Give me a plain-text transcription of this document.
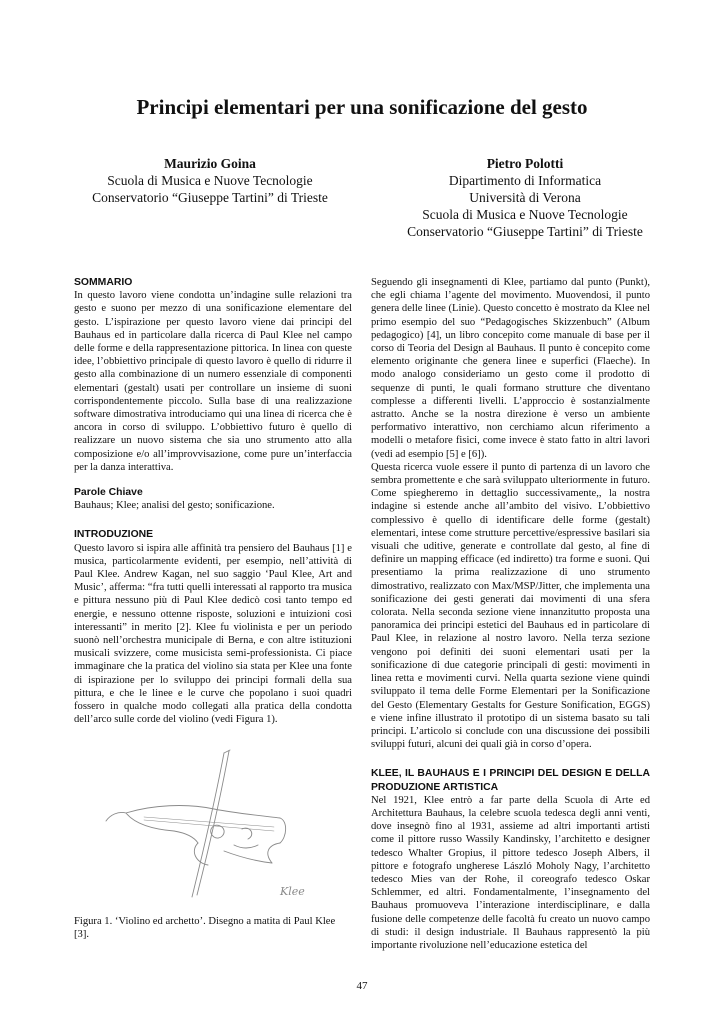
Principi elementari per una sonificazione del gesto
Maurizio Goina
Scuola di Musica e Nuove Tecnologie
Conservatorio “Giuseppe Tartini” di Trieste
Pietro Polotti
Dipartimento di Informatica
Università di Verona
Scuola di Musica e Nuove Tecnologie
Conservatorio “Giuseppe Tartini” di Trieste

SOMMARIO

In questo lavoro viene condotta un’indagine sulle relazioni tra gesto e suono per mezzo di una sonificazione elementare del gesto. L’ispirazione per questo lavoro viene dai principi del Bauhaus ed in particolare dalla ricerca di Paul Klee nel campo delle forme e della rappresentazione pittorica. In linea con queste idee, l’obbiettivo principale di questo lavoro è quello di ridurre il gesto alla combinazione di un numero essenziale di componenti elementari (gestalt) usati per controllare un insieme di suoni corrispondentemente piccolo. Sulla base di una realizzazione software dimostrativa introduciamo qui una linea di ricerca che è ancora in corso di sviluppo. L’obbiettivo futuro è quello di realizzare un nuovo sistema che sia uno strumento atto alla composizione e/o all’improvvisazione, come pure un’interfaccia per la danza interattiva.

Parole Chiave

Bauhaus; Klee; analisi del gesto; sonificazione.

INTRODUZIONE

Questo lavoro si ispira alle affinità tra pensiero del Bauhaus [1] e musica, particolarmente evidenti, per esempio, nell’attività di Paul Klee. Andrew Kagan, nel suo saggio ‘Paul Klee, Art and Music’, afferma: “fra tutti quelli interessati al rapporto tra musica e pittura nessuno più di Paul Klee dedicò così tanto tempo ed energie, e nessuno ottenne risposte, soluzioni e intuizioni così interessanti” in merito [2]. Klee fu violinista e per un periodo suonò nell’orchestra municipale di Berna, e con altre istituzioni musicali svizzere, come musicista semi-professionista. Ci piace immaginare che la pratica del violino sia stata per Klee una fonte di ispirazione per lo sviluppo dei principi formali della sua pittura, e che le linee e le curve che popolano i suoi quadri fossero in qualche modo collegati alla pratica della condotta dell’arco sulle corde del violino (vedi Figura 1).

Klee

Figura 1. ‘Violino ed archetto’. Disegno a matita di Paul Klee [3].

Seguendo gli insegnamenti di Klee, partiamo dal punto (Punkt), che egli chiama l’agente del movimento. Muovendosi, il punto genera delle linee (Linie). Questo concetto è mostrato da Klee nel primo esempio del suo “Pedagogisches Skizzenbuch” (Album pedagogico) [4], un libro concepito come manuale di base per il corso di Teoria del Design al Bauhaus. Il punto è concepito come elemento originante che genera linee e superfici (Flaeche). In modo analogo consideriamo un gesto come il prodotto di sequenze di punti, le quali formano strutture che diventano complesse a differenti livelli. L’approccio è sostanzialmente astratto. Anche se la nostra direzione è verso un ambiente performativo interattivo, non cerchiamo alcun riferimento a modelli o metafore fisici, come invece è stato fatto in altri lavori (vedi ad esempio [5] e [6]).

Questa ricerca vuole essere il punto di partenza di un lavoro che sembra promettente e che sarà sviluppato ulteriormente in futuro. Come spiegheremo in dettaglio successivamente,, la nostra indagine si estende anche all’ambito del visivo. L’obbiettivo complessivo è quello di identificare delle forme (gestalt) elementari, intese come strutture percettive/espressive basilari sia visuali che uditive, generate e controllate dal gesto, al fine di definire un mapping efficace (ed indiretto) tra forme e suoni. Qui presentiamo la prima realizzazione di uno strumento dimostrativo, realizzato con Max/MSP/Jitter, che implementa una sonificazione dei gesti generati dai movimenti di una sfera colorata. Nella seconda sezione viene innanzitutto proposta una panoramica dei principi estetici del Bauhaus ed in particolare di Paul Klee, in relazione al nostro lavoro. Nella terza sezione vengono poi definiti dei suoni elementari usati per la sonificazione di due categorie principali di gesti: movimenti in linea retta e movimenti curvi. Nella quarta sezione viene quindi sviluppato il tema delle Forme Elementari per la Sonificazione del Gesto (Elementary Gestalts for Gesture Sonification, EGGS) e viene infine illustrato il prototipo di un sistema basato su tali principi. L’articolo si conclude con una discussione dei possibili sviluppi futuri, alcuni dei quali già in corso d’opera.

KLEE, IL BAUHAUS E I PRINCIPI DEL DESIGN E DELLA PRODUZIONE ARTISTICA

Nel 1921, Klee entrò a far parte della Scuola di Arte ed Architettura Bauhaus, la celebre scuola tedesca degli anni venti, dove insegnò fino al 1931, assieme ad altri importanti artisti come il pittore russo Wassily Kandinsky, l’architetto e designer tedesco Whalter Gropius, il pittore tedesco Joseph Albers, il pittore e fotografo ungherese László Moholy Nagy, l’architetto tedesco Mies van der Rohe, il coreografo tedesco Oskar Schlemmer, ed altri. Fondamentalmente, l’insegnamento del Bauhaus promuoveva l’interazione interdisciplinare, e dalla fusione delle competenze delle facoltà fu creato un nuovo campo di studi: il design industriale. Il Bauhaus rappresentò la più importante rivoluzione nell’educazione estetica del

47
